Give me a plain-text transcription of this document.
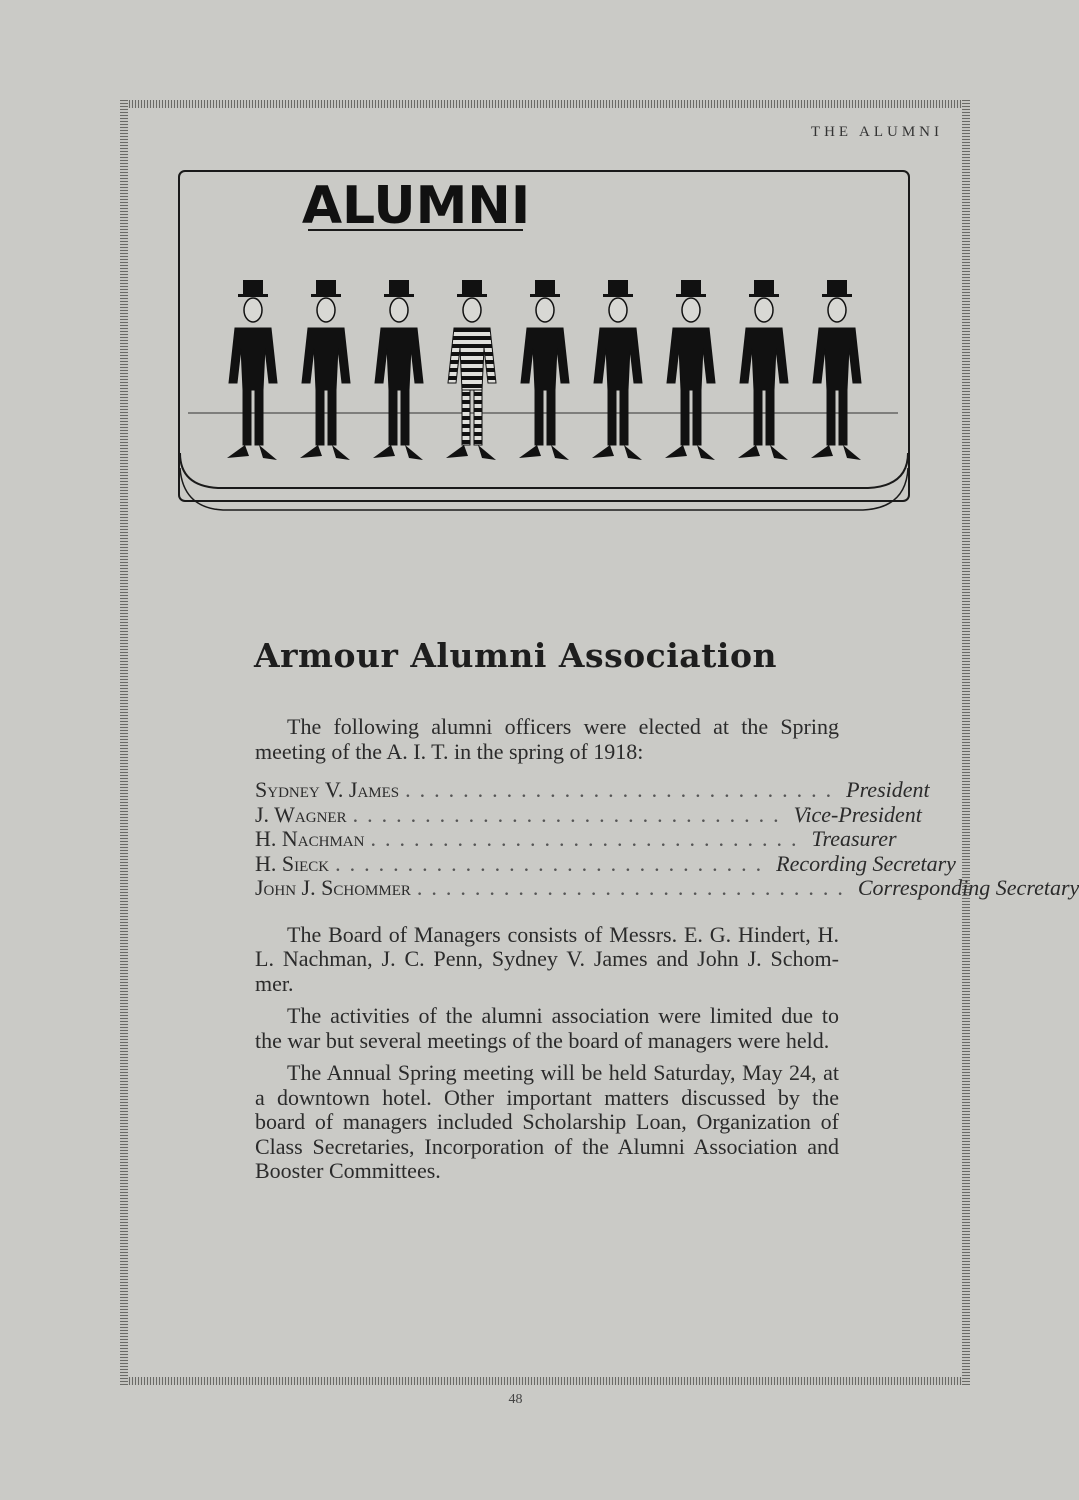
THE ALUMNI
ALUMNI
Armour Alumni Association

The following alumni officers were elected at the Spring meeting of the A. I. T. in the spring of 1918:

Sydney V. James .............................. President
J. Wagner .............................. Vice-President
H. Nachman .............................. Treasurer
H. Sieck .............................. Recording Secretary
John J. Schommer .............................. Corresponding Secretary

The Board of Managers consists of Messrs. E. G. Hindert, H. L. Nachman, J. C. Penn, Sydney V. James and John J. Schom-mer.

The activities of the alumni association were limited due to the war but several meetings of the board of managers were held.

The Annual Spring meeting will be held Saturday, May 24, at a downtown hotel. Other important matters discussed by the board of managers included Scholarship Loan, Organization of Class Secretaries, Incorporation of the Alumni Association and Booster Committees.

48
